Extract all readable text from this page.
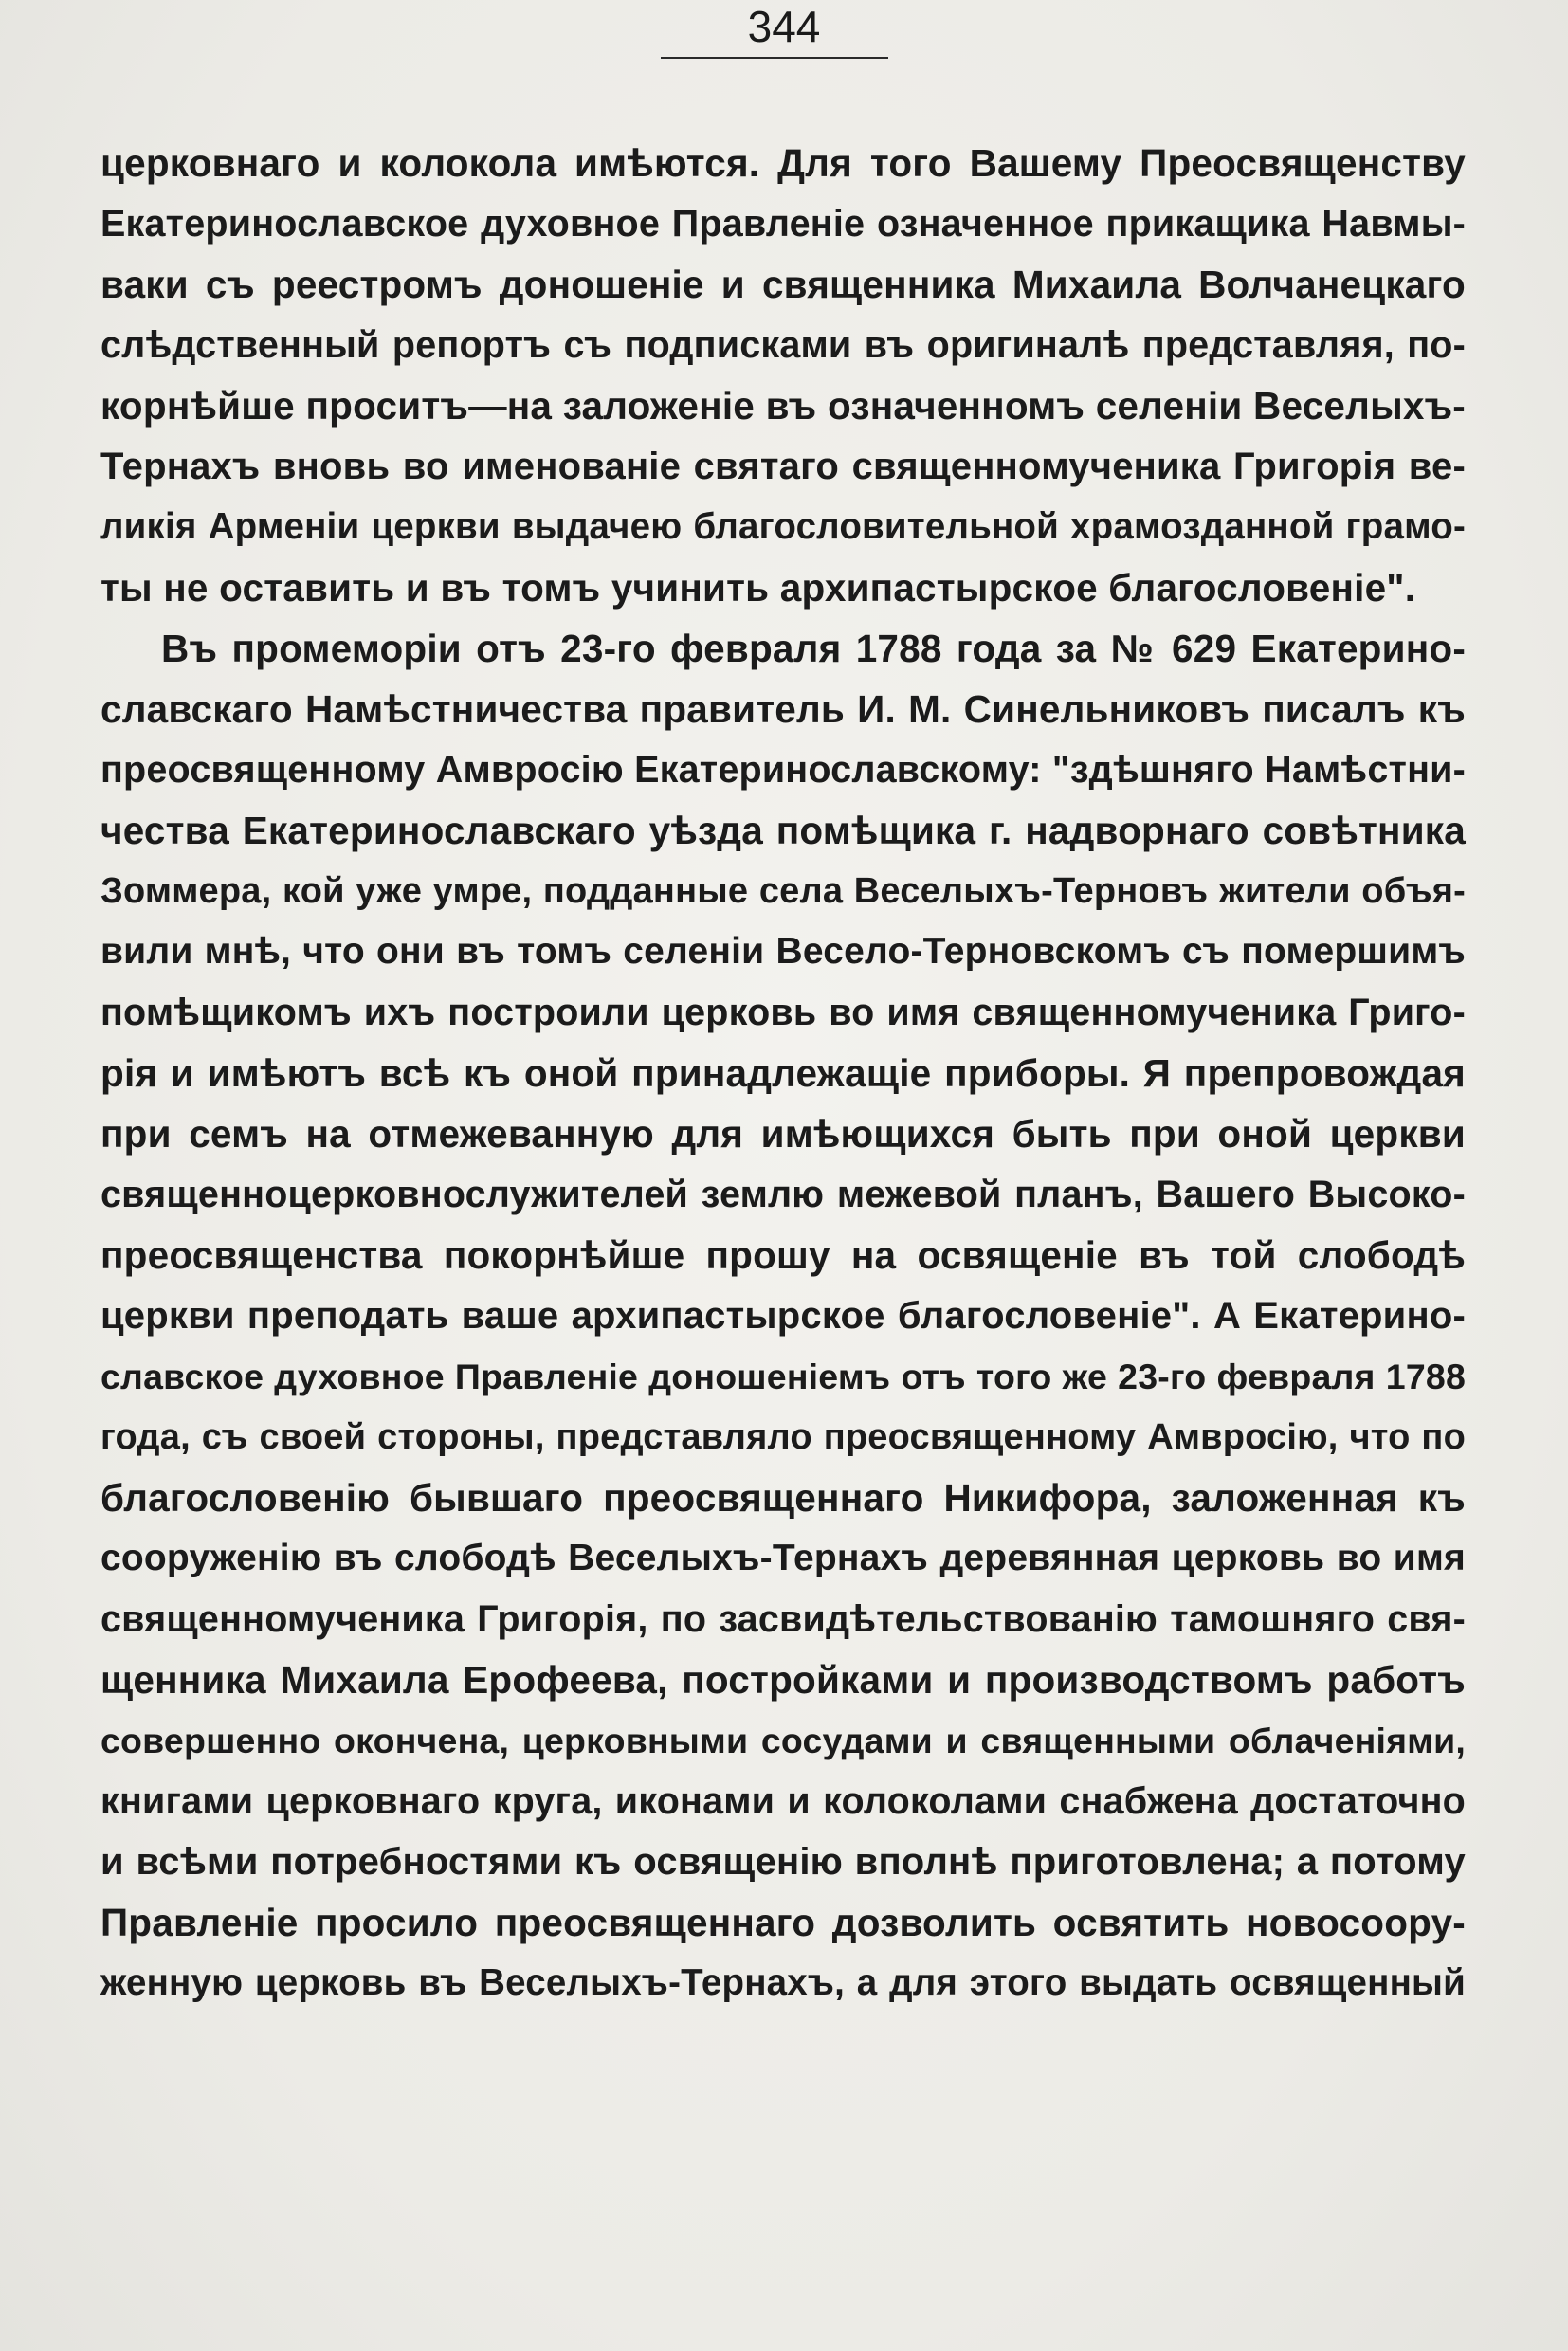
344
церковнаго и колокола имѣются. Для того Вашему Преосвященству
Екатеринославское духовное Правленіе означенное прикащика Навмы-
ваки съ реестромъ доношеніе и священника Михаила Волчанецкаго
слѣдственный репортъ съ подписками въ оригиналѣ представляя, по-
корнѣйше проситъ—на заложеніе въ означенномъ селеніи Веселыхъ-
Тернахъ вновь во именованіе святаго священномученика Григорія ве-
ликія Арменіи церкви выдачею благословительной храмозданной грамо-
ты не оставить и въ томъ учинить архипастырское благословеніе".
Въ промеморіи отъ 23-го февраля 1788 года за № 629 Екатерино-
славскаго Намѣстничества правитель И. М. Синельниковъ писалъ къ
преосвященному Амвросію Екатеринославскому: "здѣшняго Намѣстни-
чества Екатеринославскаго уѣзда помѣщика г. надворнаго совѣтника
Зоммера, кой уже умре, подданные села Веселыхъ-Терновъ жители объя-
вили мнѣ, что они въ томъ селеніи Весело-Терновскомъ съ помершимъ
помѣщикомъ ихъ построили церковь во имя священномученика Григо-
рія и имѣютъ всѣ къ оной принадлежащіе приборы. Я препровождая
при семъ на отмежеванную для имѣющихся быть при оной церкви
священноцерковнослужителей землю межевой планъ, Вашего Высоко-
преосвященства покорнѣйше прошу на освященіе въ той слободѣ
церкви преподать ваше архипастырское благословеніе". А Екатерино-
славское духовное Правленіе доношеніемъ отъ того же 23-го февраля 1788
года, съ своей стороны, представляло преосвященному Амвросію, что по
благословенію бывшаго преосвященнаго Никифора, заложенная къ
сооруженію въ слободѣ Веселыхъ-Тернахъ деревянная церковь во имя
священномученика Григорія, по засвидѣтельствованію тамошняго свя-
щенника Михаила Ерофеева, постройками и производствомъ работъ
совершенно окончена, церковными сосудами и священными облаченіями,
книгами церковнаго круга, иконами и колоколами снабжена достаточно
и всѣми потребностями къ освященію вполнѣ приготовлена; а потому
Правленіе просило преосвященнаго дозволить освятить новосоору-
женную церковь въ Веселыхъ-Тернахъ, а для этого выдать освященный
